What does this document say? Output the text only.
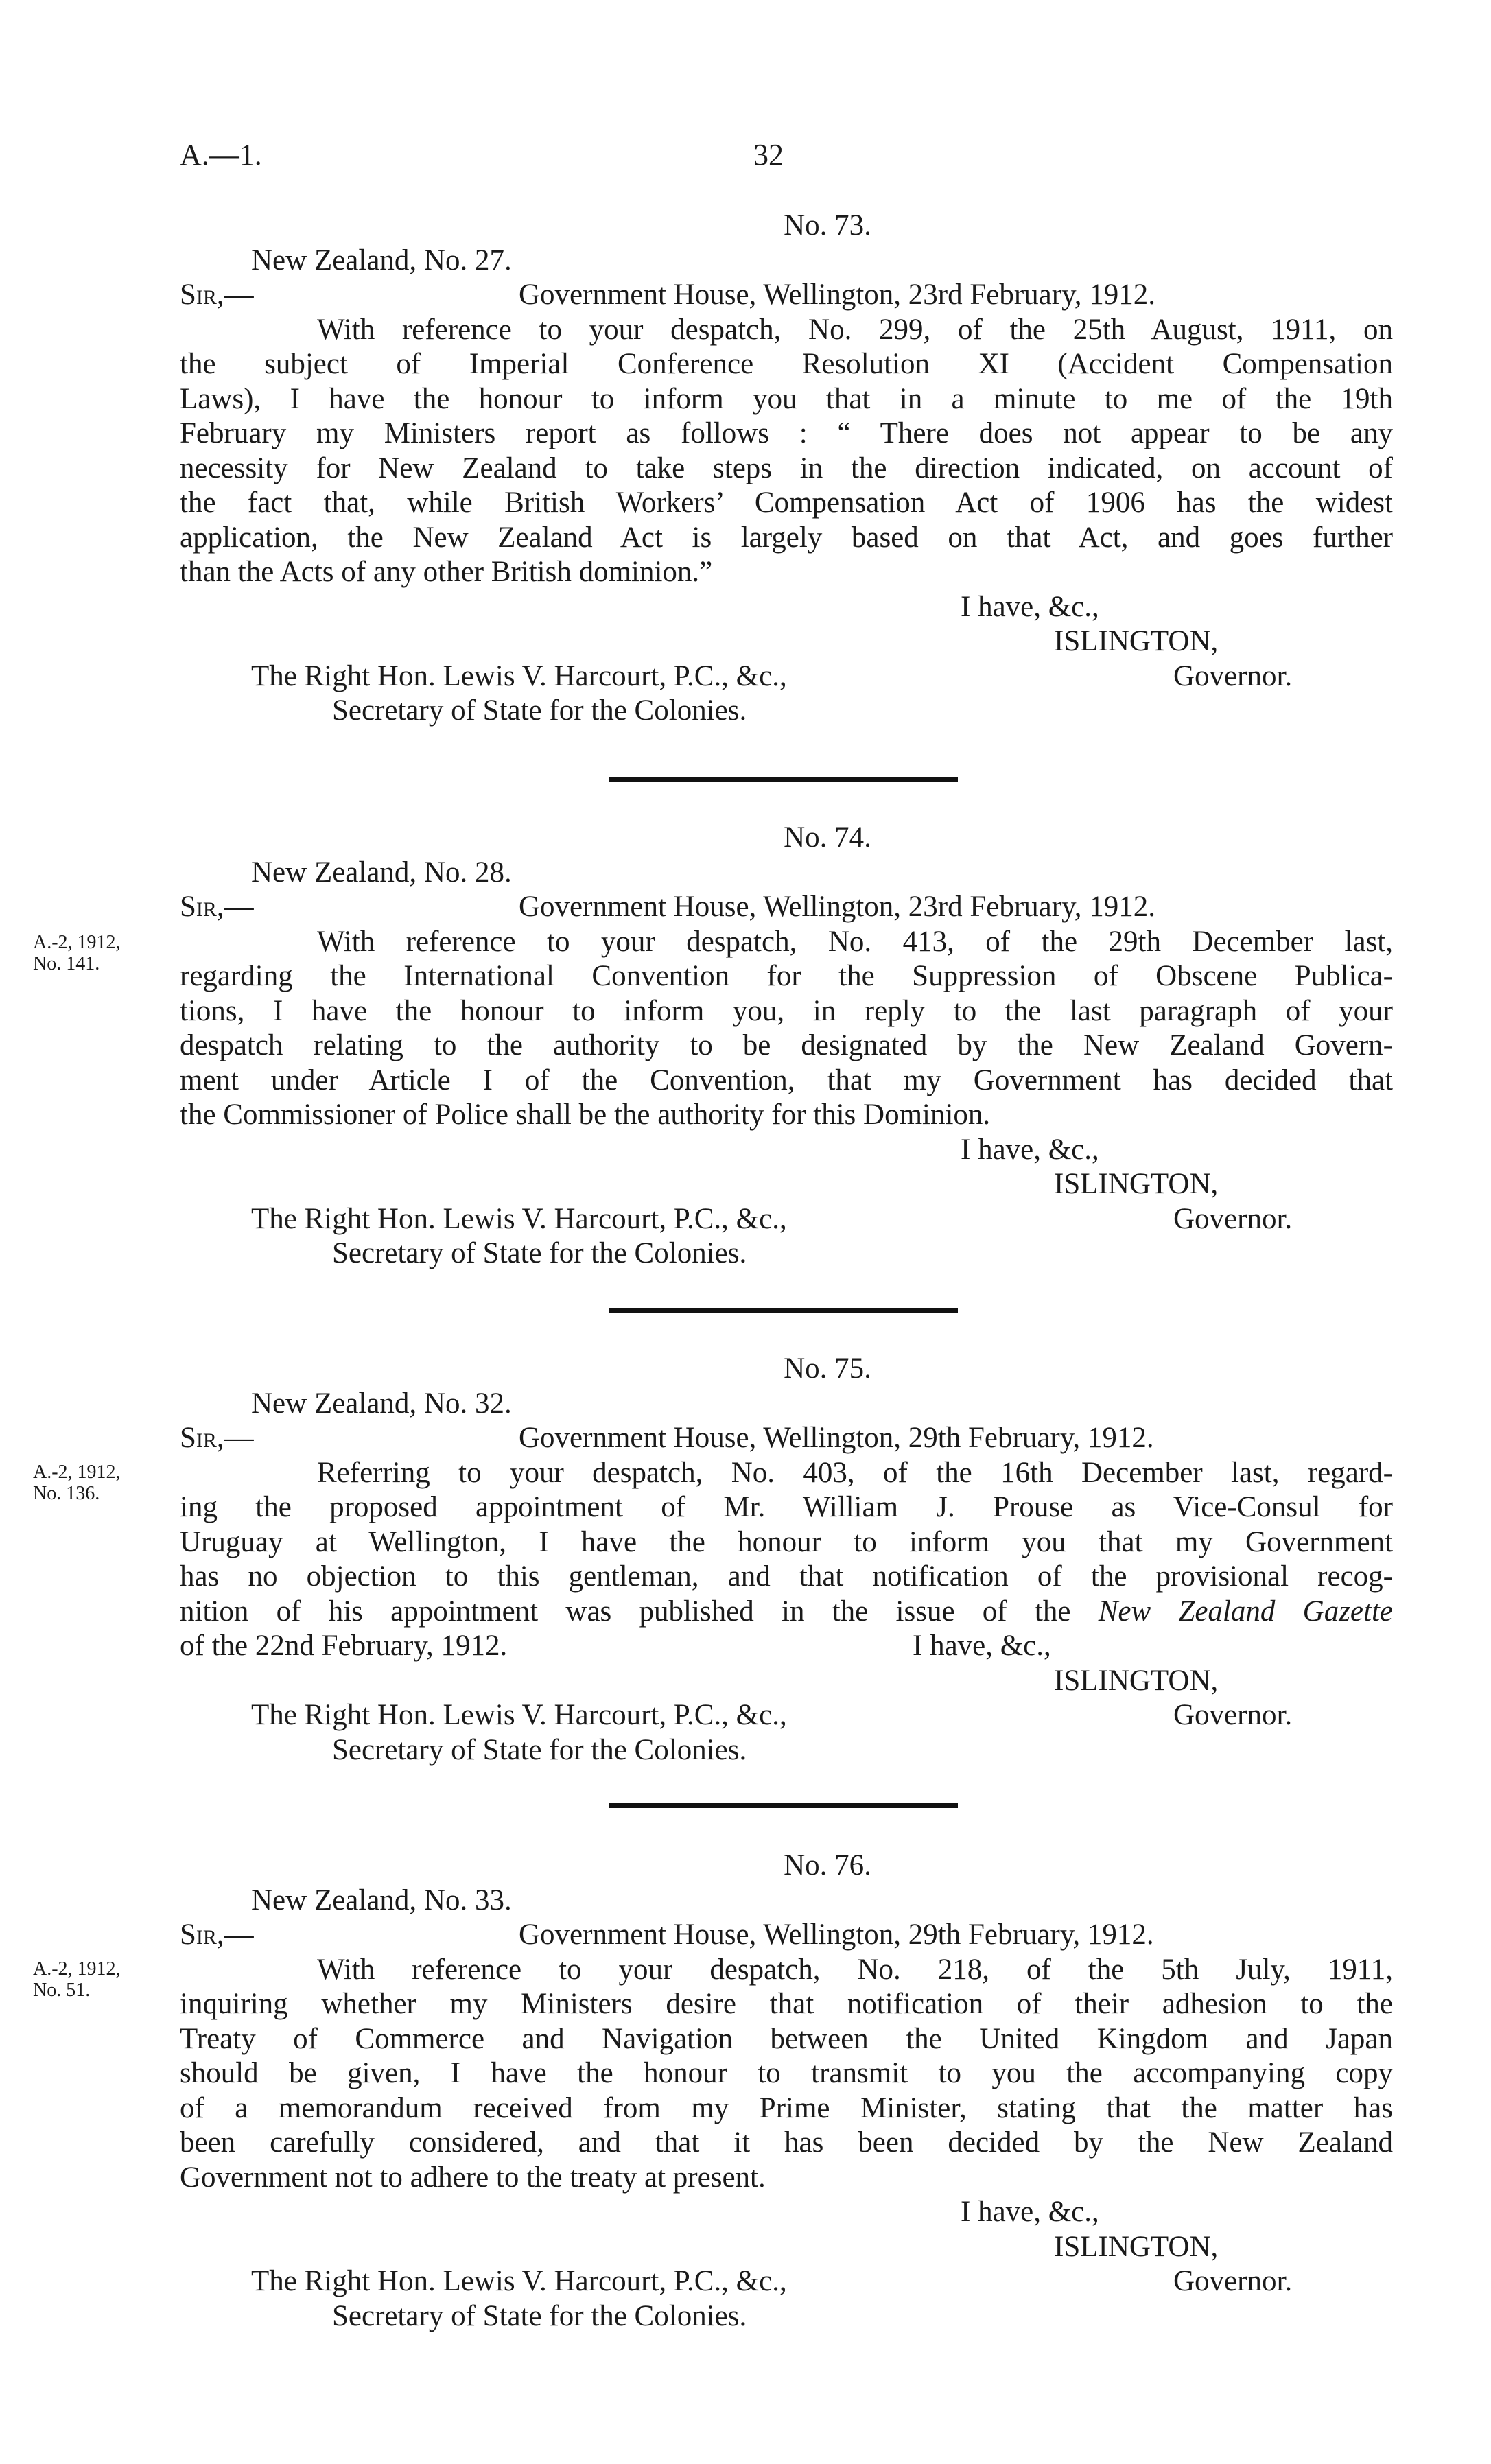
A.—1.	32
No. 73.
New Zealand, No. 27.
Sir,—	Government House, Wellington, 23rd February, 1912.
With reference to your despatch, No. 299, of the 25th August, 1911, on
the subject of Imperial Conference Resolution XI (Accident Compensation
Laws), I have the honour to inform you that in a minute to me of the 19th
February my Ministers report as follows : “ There does not appear to be any
necessity for New Zealand to take steps in the direction indicated, on account of
the fact that, while British Workers’ Compensation Act of 1906 has the widest
application, the New Zealand Act is largely based on that Act, and goes further
than the Acts of any other British dominion.”
I have, &c.,
ISLINGTON,
The Right Hon. Lewis V. Harcourt, P.C., &c.,	Governor.
Secretary of State for the Colonies.
No. 74.
New Zealand, No. 28.
Sir,—	Government House, Wellington, 23rd February, 1912.
With reference to your despatch, No. 413, of the 29th December last,
regarding the International Convention for the Suppression of Obscene Publica-
tions, I have the honour to inform you, in reply to the last paragraph of your
despatch relating to the authority to be designated by the New Zealand Govern-
ment under Article I of the Convention, that my Government has decided that
the Commissioner of Police shall be the authority for this Dominion.
I have, &c.,
ISLINGTON,
The Right Hon. Lewis V. Harcourt, P.C., &c.,	Governor.
Secretary of State for the Colonies.
A.-2, 1912,
No. 141.
No. 75.
New Zealand, No. 32.
Sir,—	Government House, Wellington, 29th February, 1912.
Referring to your despatch, No. 403, of the 16th December last, regard-
ing the proposed appointment of Mr. William J. Prouse as Vice-Consul for
Uruguay at Wellington, I have the honour to inform you that my Government
has no objection to this gentleman, and that notification of the provisional recog-
nition of his appointment was published in the issue of the New Zealand Gazette
of the 22nd February, 1912.	I have, &c.,
ISLINGTON,
The Right Hon. Lewis V. Harcourt, P.C., &c.,	Governor.
Secretary of State for the Colonies.
A.-2, 1912,
No. 136.
No. 76.
New Zealand, No. 33.
Sir,—	Government House, Wellington, 29th February, 1912.
With reference to your despatch, No. 218, of the 5th July, 1911,
inquiring whether my Ministers desire that notification of their adhesion to the
Treaty of Commerce and Navigation between the United Kingdom and Japan
should be given, I have the honour to transmit to you the accompanying copy
of a memorandum received from my Prime Minister, stating that the matter has
been carefully considered, and that it has been decided by the New Zealand
Government not to adhere to the treaty at present.
I have, &c.,
ISLINGTON,
The Right Hon. Lewis V. Harcourt, P.C., &c.,	Governor.
Secretary of State for the Colonies.
A.-2, 1912,
No. 51.
